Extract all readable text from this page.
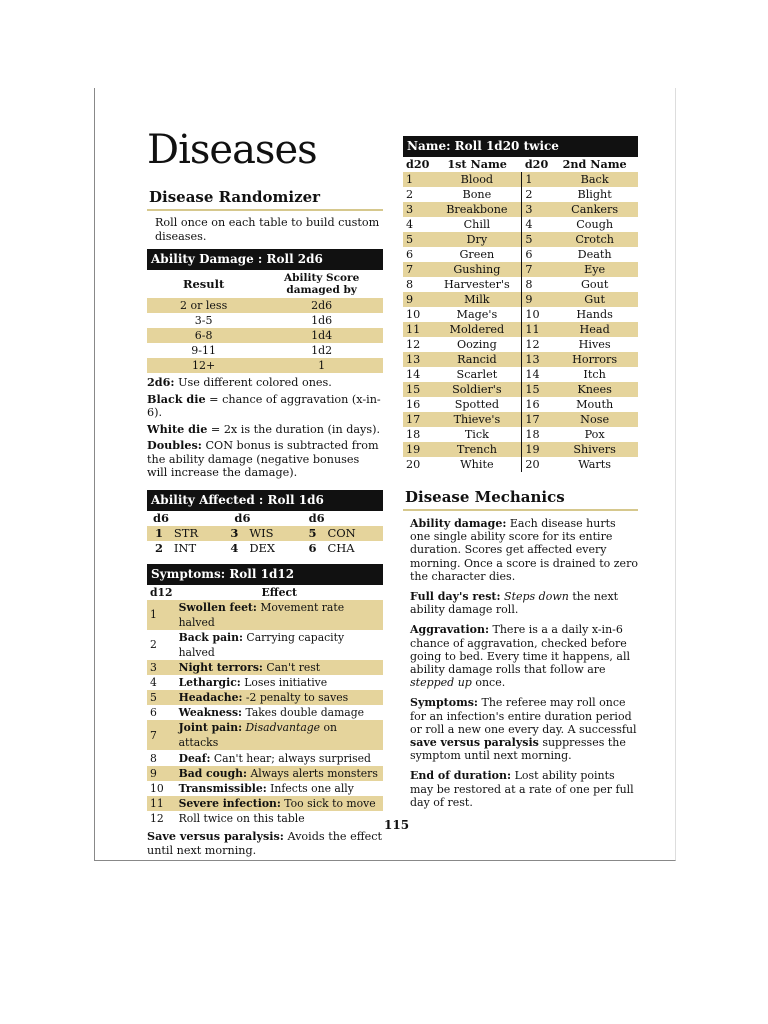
Diseases
Disease Randomizer

Roll once on each table to build custom diseases.

Ability Damage : Roll 2d6
Result	Ability Score damaged by
2 or less	2d6
3-5	1d6
6-8	1d4
9-11	1d2
12+	1

2d6: Use different colored ones.

Black die = chance of aggravation (x-in-6).

White die = 2x is the duration (in days).

Doubles: CON bonus is subtracted from the ability damage (negative bonuses will increase the damage).

Ability Affected : Roll 1d6
d6		d6		d6	
1	STR	3	WIS	5	CON
2	INT	4	DEX	6	CHA
Symptoms: Roll 1d12
d12	Effect
1	Swollen feet: Movement rate halved
2	Back pain: Carrying capacity halved
3	Night terrors: Can't rest
4	Lethargic: Loses initiative
5	Headache: -2 penalty to saves
6	Weakness: Takes double damage
7	Joint pain: Disadvantage on attacks
8	Deaf: Can't hear; always surprised
9	Bad cough: Always alerts monsters
10	Transmissible: Infects one ally
11	Severe infection: Too sick to move
12	Roll twice on this table

Save versus paralysis: Avoids the effect until next morning.

Name: Roll 1d20 twice
d20	1st Name	d20	2nd Name
1	Blood	1	Back
2	Bone	2	Blight
3	Breakbone	3	Cankers
4	Chill	4	Cough
5	Dry	5	Crotch
6	Green	6	Death
7	Gushing	7	Eye
8	Harvester's	8	Gout
9	Milk	9	Gut
10	Mage's	10	Hands
11	Moldered	11	Head
12	Oozing	12	Hives
13	Rancid	13	Horrors
14	Scarlet	14	Itch
15	Soldier's	15	Knees
16	Spotted	16	Mouth
17	Thieve's	17	Nose
18	Tick	18	Pox
19	Trench	19	Shivers
20	White	20	Warts
Disease Mechanics

Ability damage: Each disease hurts one single ability score for its entire duration. Scores get affected every morning. Once a score is drained to zero the character dies.

Full day's rest: Steps down the next ability damage roll.

Aggravation: There is a a daily x-in-6 chance of aggravation, checked before going to bed. Every time it happens, all ability damage rolls that follow are stepped up once.

Symptoms: The referee may roll once for an infection's entire duration period or roll a new one every day. A successful save versus paralysis suppresses the symptom until next morning.

End of duration: Lost ability points may be restored at a rate of one per full day of rest.

115
